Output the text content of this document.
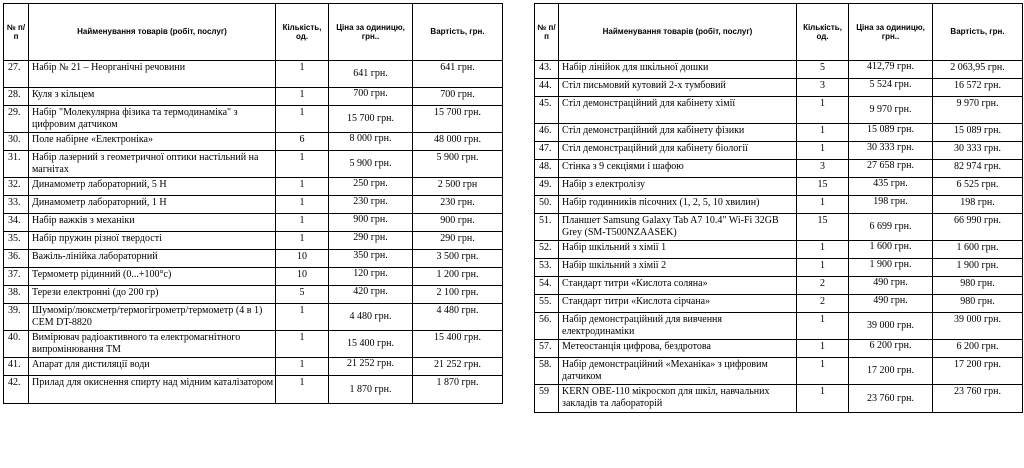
№ п/п	Найменування товарів (робіт, послуг)	Кількість, од.	Ціна за одиницю, грн..	Вартість, грн.
27.	Набір № 21 – Неорганічні речовини	1	641 грн.	641 грн.
28.	Куля з кільцем	1	700 грн.	700 грн.
29.	Набір "Молекулярна фізика та термодинаміка" з цифровим датчиком	1	15 700 грн.	15 700 грн.
30.	Поле набірне «Електроніка»	6	8 000 грн.	48 000 грн.
31.	Набір лазерний з геометричної оптики настільний на магнітах	1	5 900 грн.	5 900 грн.
32.	Динамометр лабораторний, 5 Н	1	250 грн.	2 500 грн
33.	Динамометр лабораторний, 1 Н	1	230 грн.	230 грн.
34.	Набір важків з механіки	1	900 грн.	900 грн.
35.	Набір пружин різної твердості	1	290 грн.	290 грн.
36.	Важіль-лінійка лабораторний	10	350 грн.	3 500 грн.
37.	Термометр рідинний (0...+100°с)	10	120 грн.	1 200 грн.
38.	Терези електронні (до 200 гр)	5	420 грн.	2 100 грн.
39.	Шумомір/люксметр/термогігрометр/термометр (4 в 1) CEM DT-8820	1	4 480 грн.	4 480 грн.
40.	Вимірювач радіоактивного та електромагнітного випромінювання ТМ	1	15 400 грн.	15 400 грн.
41.	Апарат для дистиляції води	1	21 252 грн.	21 252 грн.
42.	Прилад для окиснення спирту над мідним каталізатором	1	1 870 грн.	1 870 грн.
№ п/п	Найменування товарів (робіт, послуг)	Кількість, од.	Ціна за одиницю, грн..	Вартість, грн.
43.	Набір лінійок для шкільної дошки	5	412,79 грн.	2 063,95 грн.
44.	Стіл письмовий кутовий 2-х тумбовий	3	5 524 грн.	16 572 грн.
45.	Стіл демонстраційний для кабінету хімії	1	9 970 грн.	9 970 грн.
46.	Стіл демонстраційний для кабінету фізики	1	15 089 грн.	15 089 грн.
47.	Стіл демонстраційний для кабінету біології	1	30 333 грн.	30 333 грн.
48.	Стінка з 9 секціями і шафою	3	27 658 грн.	82 974 грн.
49.	Набір з електролізу	15	435 грн.	6 525 грн.
50.	Набір годинників пісочних (1, 2, 5, 10 хвилин)	1	198 грн.	198 грн.
51.	Планшет Samsung Galaxy Tab A7 10.4" Wi-Fi 32GB Grey (SM-T500NZAASEK)	15	6 699 грн.	66 990 грн.
52.	Набір шкільний з хімії 1	1	1 600 грн.	1 600 грн.
53.	Набір шкільний з хімії 2	1	1 900 грн.	1 900 грн.
54.	Стандарт титри «Кислота соляна»	2	490 грн.	980 грн.
55.	Стандарт титри «Кислота сірчана»	2	490 грн.	980 грн.
56.	Набір демонстраційний для вивчення електродинаміки	1	39 000 грн.	39 000 грн.
57.	Метеостанція цифрова, бездротова	1	6 200 грн.	6 200 грн.
58.	Набір демонстраційний «Механіка» з цифровим датчиком	1	17 200 грн.	17 200 грн.
59	KERN OBE-110 мікроскоп для шкіл, навчальних закладів та лабораторій	1	23 760 грн.	23 760 грн.
